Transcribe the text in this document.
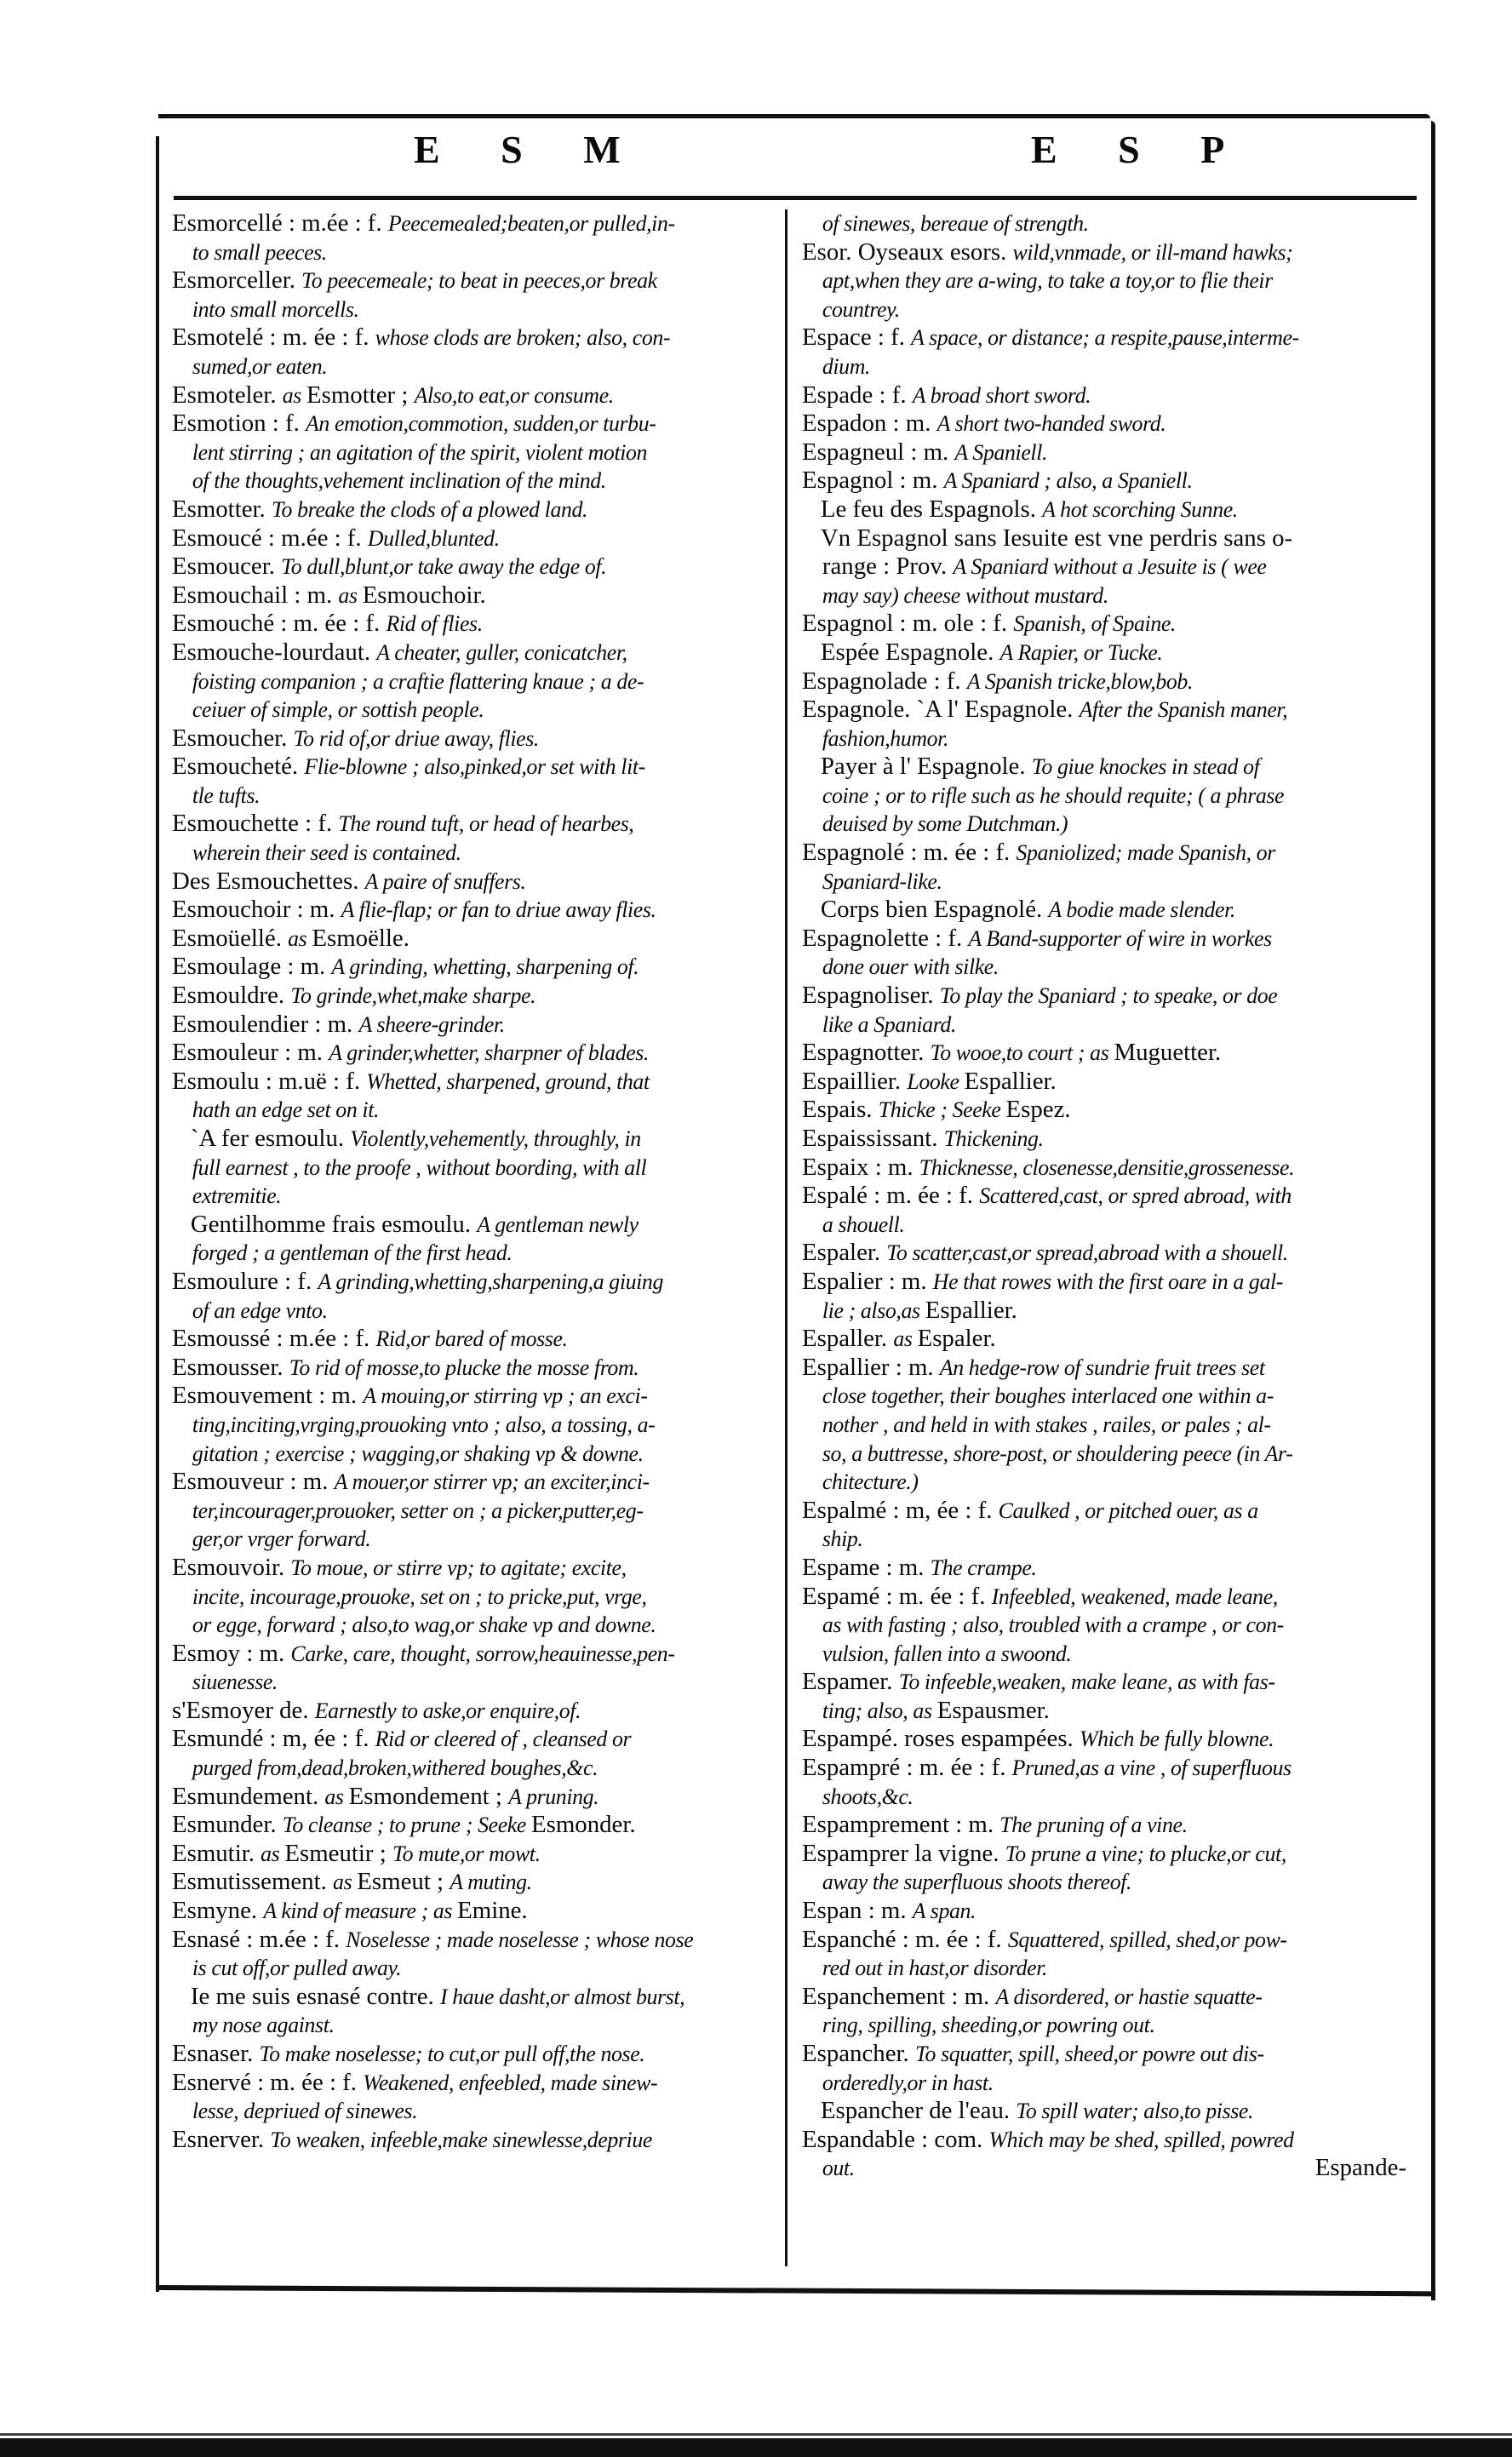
E S M	E S P
Esmorcellé : m.ée : f. Peecemealed;beaten,or pulled,in-
to small peeces.
Esmorceller. To peecemeale; to beat in peeces,or break
into small morcells.
Esmotelé : m. ée : f. whose clods are broken; also, con-
sumed,or eaten.
Esmoteler. as Esmotter ; Also,to eat,or consume.
Esmotion : f. An emotion,commotion, sudden,or turbu-
lent stirring ; an agitation of the spirit, violent motion
of the thoughts,vehement inclination of the mind.
Esmotter. To breake the clods of a plowed land.
Esmoucé : m.ée : f. Dulled,blunted.
Esmoucer. To dull,blunt,or take away the edge of.
Esmouchail : m. as Esmouchoir.
Esmouché : m. ée : f. Rid of flies.
Esmouche-lourdaut. A cheater, guller, conicatcher,
foisting companion ; a craftie flattering knaue ; a de-
ceiuer of simple, or sottish people.
Esmoucher. To rid of,or driue away, flies.
Esmoucheté. Flie-blowne ; also,pinked,or set with lit-
tle tufts.
Esmouchette : f. The round tuft, or head of hearbes,
wherein their seed is contained.
Des Esmouchettes. A paire of snuffers.
Esmouchoir : m. A flie-flap; or fan to driue away flies.
Esmoüellé. as Esmoëlle.
Esmoulage : m. A grinding, whetting, sharpening of.
Esmouldre. To grinde,whet,make sharpe.
Esmoulendier : m. A sheere-grinder.
Esmouleur : m. A grinder,whetter, sharpner of blades.
Esmoulu : m.uë : f. Whetted, sharpened, ground, that
hath an edge set on it.
`A fer esmoulu. Violently,vehemently, throughly, in
full earnest , to the proofe , without boording, with all
extremitie.
Gentilhomme frais esmoulu. A gentleman newly
forged ; a gentleman of the first head.
Esmoulure : f. A grinding,whetting,sharpening,a giuing
of an edge vnto.
Esmoussé : m.ée : f. Rid,or bared of mosse.
Esmousser. To rid of mosse,to plucke the mosse from.
Esmouvement : m. A mouing,or stirring vp ; an exci-
ting,inciting,vrging,prouoking vnto ; also, a tossing, a-
gitation ; exercise ; wagging,or shaking vp & downe.
Esmouveur : m. A mouer,or stirrer vp; an exciter,inci-
ter,incourager,prouoker, setter on ; a picker,putter,eg-
ger,or vrger forward.
Esmouvoir. To moue, or stirre vp; to agitate; excite,
incite, incourage,prouoke, set on ; to pricke,put, vrge,
or egge, forward ; also,to wag,or shake vp and downe.
Esmoy : m. Carke, care, thought, sorrow,heauinesse,pen-
siuenesse.
s'Esmoyer de. Earnestly to aske,or enquire,of.
Esmundé : m, ée : f. Rid or cleered of , cleansed or
purged from,dead,broken,withered boughes,&c.
Esmundement. as Esmondement ; A pruning.
Esmunder. To cleanse ; to prune ; Seeke Esmonder.
Esmutir. as Esmeutir ; To mute,or mowt.
Esmutissement. as Esmeut ; A muting.
Esmyne. A kind of measure ; as Emine.
Esnasé : m.ée : f. Noselesse ; made noselesse ; whose nose
is cut off,or pulled away.
Ie me suis esnasé contre. I haue dasht,or almost burst,
my nose against.
Esnaser. To make noselesse; to cut,or pull off,the nose.
Esnervé : m. ée : f. Weakened, enfeebled, made sinew-
lesse, depriued of sinewes.
Esnerver. To weaken, infeeble,make sinewlesse,depriue
of sinewes, bereaue of strength.
Esor. Oyseaux esors. wild,vnmade, or ill-mand hawks;
apt,when they are a-wing, to take a toy,or to flie their
countrey.
Espace : f. A space, or distance; a respite,pause,interme-
dium.
Espade : f. A broad short sword.
Espadon : m. A short two-handed sword.
Espagneul : m. A Spaniell.
Espagnol : m. A Spaniard ; also, a Spaniell.
Le feu des Espagnols. A hot scorching Sunne.
Vn Espagnol sans Iesuite est vne perdris sans o-
range : Prov. A Spaniard without a Jesuite is ( wee
may say) cheese without mustard.
Espagnol : m. ole : f. Spanish, of Spaine.
Espée Espagnole. A Rapier, or Tucke.
Espagnolade : f. A Spanish tricke,blow,bob.
Espagnole. `A l' Espagnole. After the Spanish maner,
fashion,humor.
Payer à l' Espagnole. To giue knockes in stead of
coine ; or to rifle such as he should requite; ( a phrase
deuised by some Dutchman.)
Espagnolé : m. ée : f. Spaniolized; made Spanish, or
Spaniard-like.
Corps bien Espagnolé. A bodie made slender.
Espagnolette : f. A Band-supporter of wire in workes
done ouer with silke.
Espagnoliser. To play the Spaniard ; to speake, or doe
like a Spaniard.
Espagnotter. To wooe,to court ; as Muguetter.
Espaillier. Looke Espallier.
Espais. Thicke ; Seeke Espez.
Espaississant. Thickening.
Espaix : m. Thicknesse, closenesse,densitie,grossenesse.
Espalé : m. ée : f. Scattered,cast, or spred abroad, with
a shouell.
Espaler. To scatter,cast,or spread,abroad with a shouell.
Espalier : m. He that rowes with the first oare in a gal-
lie ; also,as Espallier.
Espaller. as Espaler.
Espallier : m. An hedge-row of sundrie fruit trees set
close together, their boughes interlaced one within a-
nother , and held in with stakes , railes, or pales ; al-
so, a buttresse, shore-post, or shouldering peece (in Ar-
chitecture.)
Espalmé : m, ée : f. Caulked , or pitched ouer, as a
ship.
Espame : m. The crampe.
Espamé : m. ée : f. Infeebled, weakened, made leane,
as with fasting ; also, troubled with a crampe , or con-
vulsion, fallen into a swoond.
Espamer. To infeeble,weaken, make leane, as with fas-
ting; also, as Espausmer.
Espampé. roses espampées. Which be fully blowne.
Espampré : m. ée : f. Pruned,as a vine , of superfluous
shoots,&c.
Espamprement : m. The pruning of a vine.
Espamprer la vigne. To prune a vine; to plucke,or cut,
away the superfluous shoots thereof.
Espan : m. A span.
Espanché : m. ée : f. Squattered, spilled, shed,or pow-
red out in hast,or disorder.
Espanchement : m. A disordered, or hastie squatte-
ring, spilling, sheeding,or powring out.
Espancher. To squatter, spill, sheed,or powre out dis-
orderedly,or in hast.
Espancher de l'eau. To spill water; also,to pisse.
Espandable : com. Which may be shed, spilled, powred
out.	Espande-
